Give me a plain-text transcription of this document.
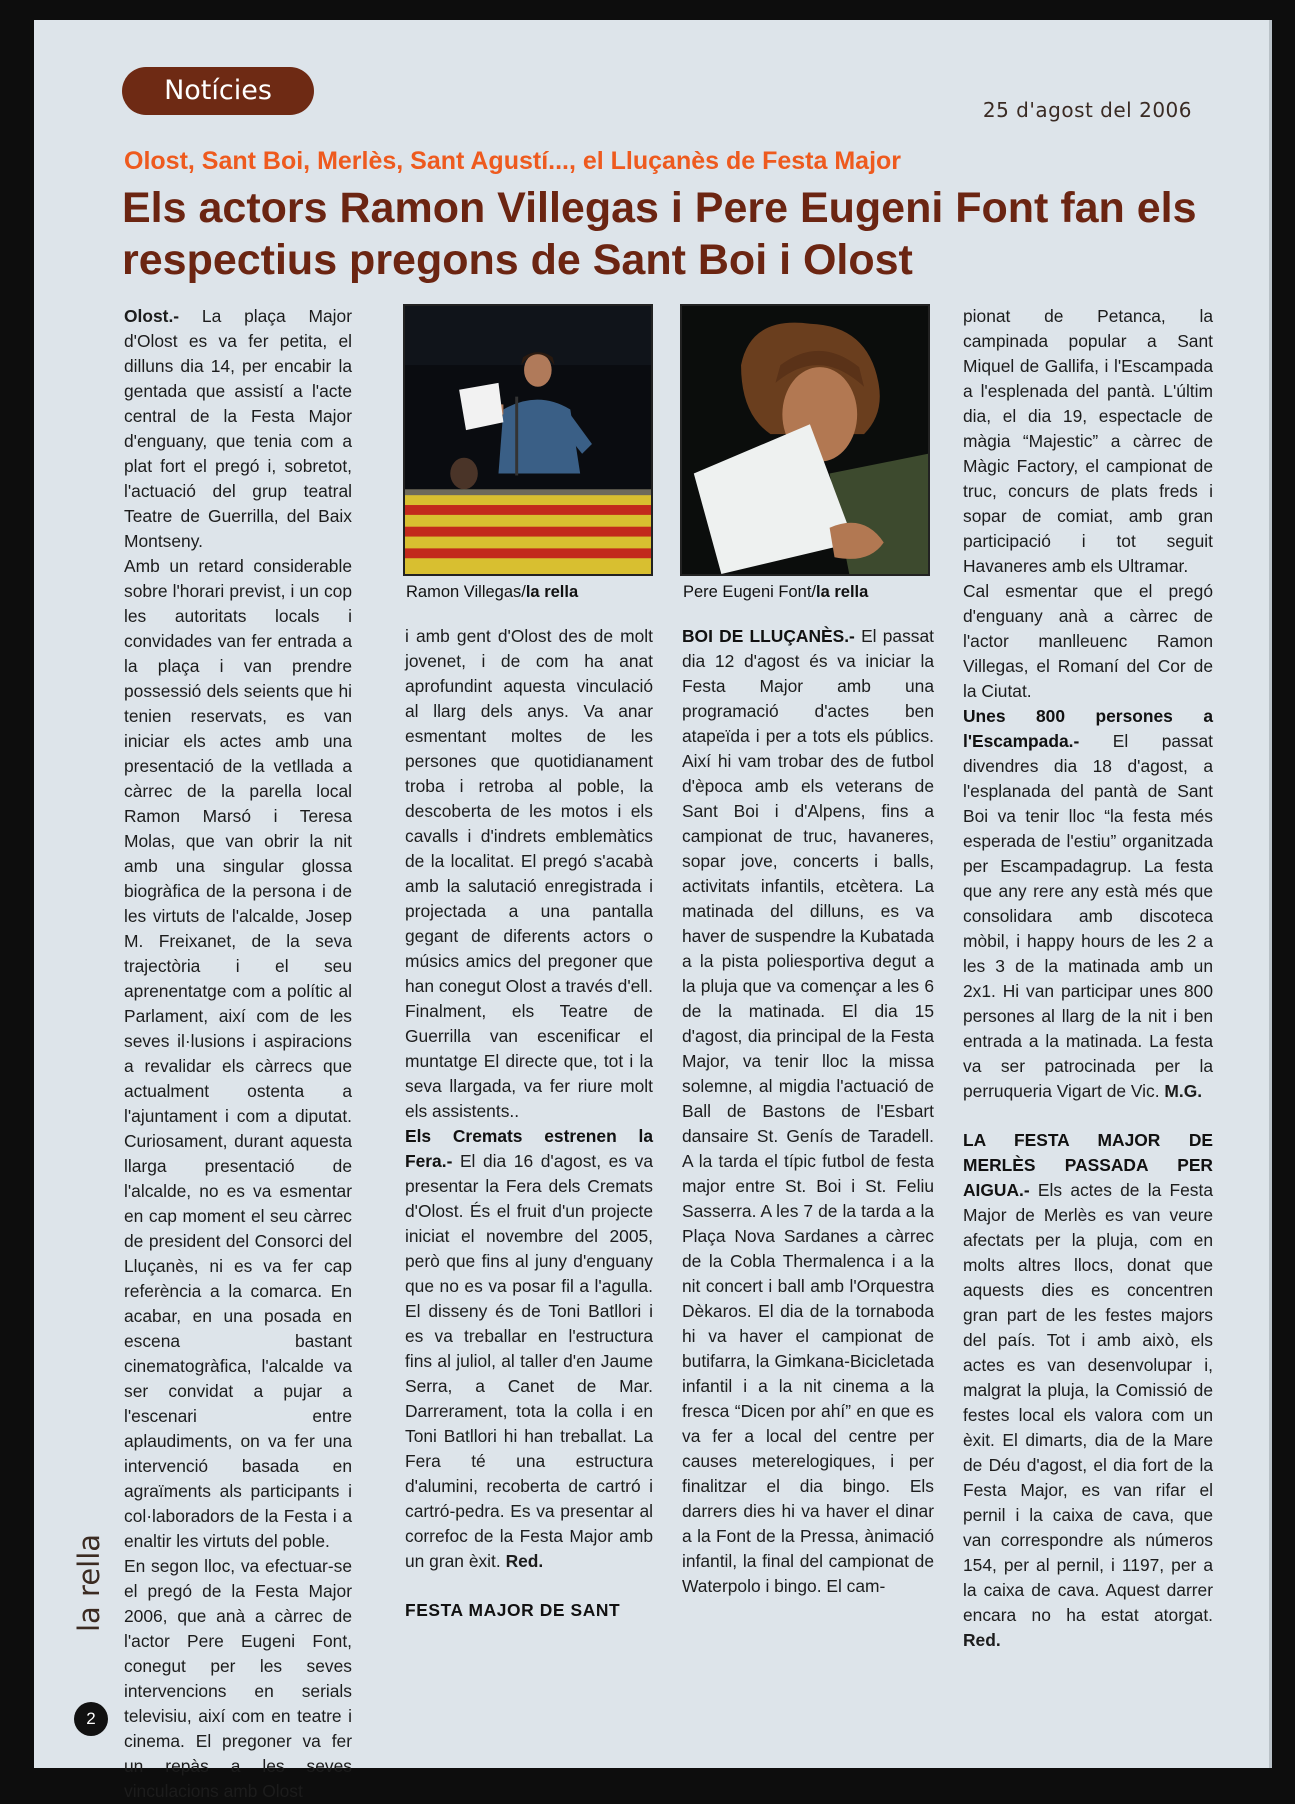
Notícies
25 d'agost del 2006
Olost, Sant Boi, Merlès, Sant Agustí..., el Lluçanès de Festa Major
Els actors Ramon Villegas i Pere Eugeni Font fan els respectius pregons de Sant Boi i Olost

Olost.- La plaça Major d'Olost es va fer petita, el dilluns dia 14, per encabir la gentada que assistí a l'acte central de la Festa Major d'enguany, que tenia com a plat fort el pregó i, sobretot, l'actuació del grup teatral Teatre de Guerrilla, del Baix Montseny.

Amb un retard considerable sobre l'horari previst, i un cop les autoritats locals i convidades van fer entrada a la plaça i van prendre possessió dels seients que hi tenien reservats, es van iniciar els actes amb una presentació de la vetllada a càrrec de la parella local Ramon Marsó i Teresa Molas, que van obrir la nit amb una singular glossa biogràfica de la persona i de les virtuts de l'alcalde, Josep M. Freixanet, de la seva trajectòria i el seu aprenentatge com a polític al Parlament, així com de les seves il·lusions i aspiracions a revalidar els càrrecs que actualment ostenta a l'ajuntament i com a diputat. Curiosament, durant aquesta llarga presentació de l'alcalde, no es va esmentar en cap moment el seu càrrec de president del Consorci del Lluçanès, ni es va fer cap referència a la comarca. En acabar, en una posada en escena bastant cinematogràfica, l'alcalde va ser convidat a pujar a l'escenari entre aplaudiments, on va fer una intervenció basada en agraïments als participants i col·laboradors de la Festa i a enaltir les virtuts del poble.

En segon lloc, va efectuar-se el pregó de la Festa Major 2006, que anà a càrrec de l'actor Pere Eugeni Font, conegut per les seves intervencions en serials televisiu, així com en teatre i cinema. El pregoner va fer un repàs a les seves vinculacions amb Olost

Ramon Villegas/la rella	Pere Eugeni Font/la rella

i amb gent d'Olost des de molt jovenet, i de com ha anat aprofundint aquesta vinculació al llarg dels anys. Va anar esmentant moltes de les persones que quotidianament troba i retroba al poble, la descoberta de les motos i els cavalls i d'indrets emblemàtics de la localitat. El pregó s'acabà amb la salutació enregistrada i projectada a una pantalla gegant de diferents actors o músics amics del pregoner que han conegut Olost a través d'ell.

Finalment, els Teatre de Guerrilla van escenificar el muntatge El directe que, tot i la seva llargada, va fer riure molt els assistents..

Els Cremats estrenen la Fera.- El dia 16 d'agost, es va presentar la Fera dels Cremats d'Olost. És el fruit d'un projecte iniciat el novembre del 2005, però que fins al juny d'enguany que no es va posar fil a l'agulla. El disseny és de Toni Batllori i es va treballar en l'estructura fins al juliol, al taller d'en Jaume Serra, a Canet de Mar. Darrerament, tota la colla i en Toni Batllori hi han treballat. La Fera té una estructura d'alumini, recoberta de cartró i cartró-pedra. Es va presentar al correfoc de la Festa Major amb un gran èxit. Red.

FESTA MAJOR DE SANT

BOI DE LLUÇANÈS.- El passat dia 12 d'agost és va iniciar la Festa Major amb una programació d'actes ben atapeïda i per a tots els públics. Així hi vam trobar des de futbol d'època amb els veterans de Sant Boi i d'Alpens, fins a campionat de truc, havaneres, sopar jove, concerts i balls, activitats infantils, etcètera. La matinada del dilluns, es va haver de suspendre la Kubatada a la pista poliesportiva degut a la pluja que va començar a les 6 de la matinada. El dia 15 d'agost, dia principal de la Festa Major, va tenir lloc la missa solemne, al migdia l'actuació de Ball de Bastons de l'Esbart dansaire St. Genís de Taradell. A la tarda el típic futbol de festa major entre St. Boi i St. Feliu Sasserra. A les 7 de la tarda a la Plaça Nova Sardanes a càrrec de la Cobla Thermalenca i a la nit concert i ball amb l'Orquestra Dèkaros. El dia de la tornaboda hi va haver el campionat de butifarra, la Gimkana-Bicicletada infantil i a la nit cinema a la fresca “Dicen por ahí” en que es va fer a local del centre per causes meterelogiques, i per finalitzar el dia bingo. Els darrers dies hi va haver el dinar a la Font de la Pressa, ànimació infantil, la final del campionat de Waterpolo i bingo. El cam-

pionat de Petanca, la campinada popular a Sant Miquel de Gallifa, i l'Escampada a l'esplenada del pantà. L'últim dia, el dia 19, espectacle de màgia “Majestic” a càrrec de Màgic Factory, el campionat de truc, concurs de plats freds i sopar de comiat, amb gran participació i tot seguit Havaneres amb els Ultramar.

Cal esmentar que el pregó d'enguany anà a càrrec de l'actor manlleuenc Ramon Villegas, el Romaní del Cor de la Ciutat.

Unes 800 persones a l'Escampada.- El passat divendres dia 18 d'agost, a l'esplanada del pantà de Sant Boi va tenir lloc “la festa més esperada de l'estiu” organitzada per Escampadagrup. La festa que any rere any està més que consolidara amb discoteca mòbil, i happy hours de les 2 a les 3 de la matinada amb un 2x1. Hi van participar unes 800 persones al llarg de la nit i ben entrada a la matinada. La festa va ser patrocinada per la perruqueria Vigart de Vic. M.G.

LA FESTA MAJOR DE MERLÈS PASSADA PER AIGUA.- Els actes de la Festa Major de Merlès es van veure afectats per la pluja, com en molts altres llocs, donat que aquests dies es concentren gran part de les festes majors del país. Tot i amb això, els actes es van desenvolupar i, malgrat la pluja, la Comissió de festes local els valora com un èxit. El dimarts, dia de la Mare de Déu d'agost, el dia fort de la Festa Major, es van rifar el pernil i la caixa de cava, que van correspondre als números 154, per al pernil, i 1197, per a la caixa de cava. Aquest darrer encara no ha estat atorgat. Red.

la rella
2
